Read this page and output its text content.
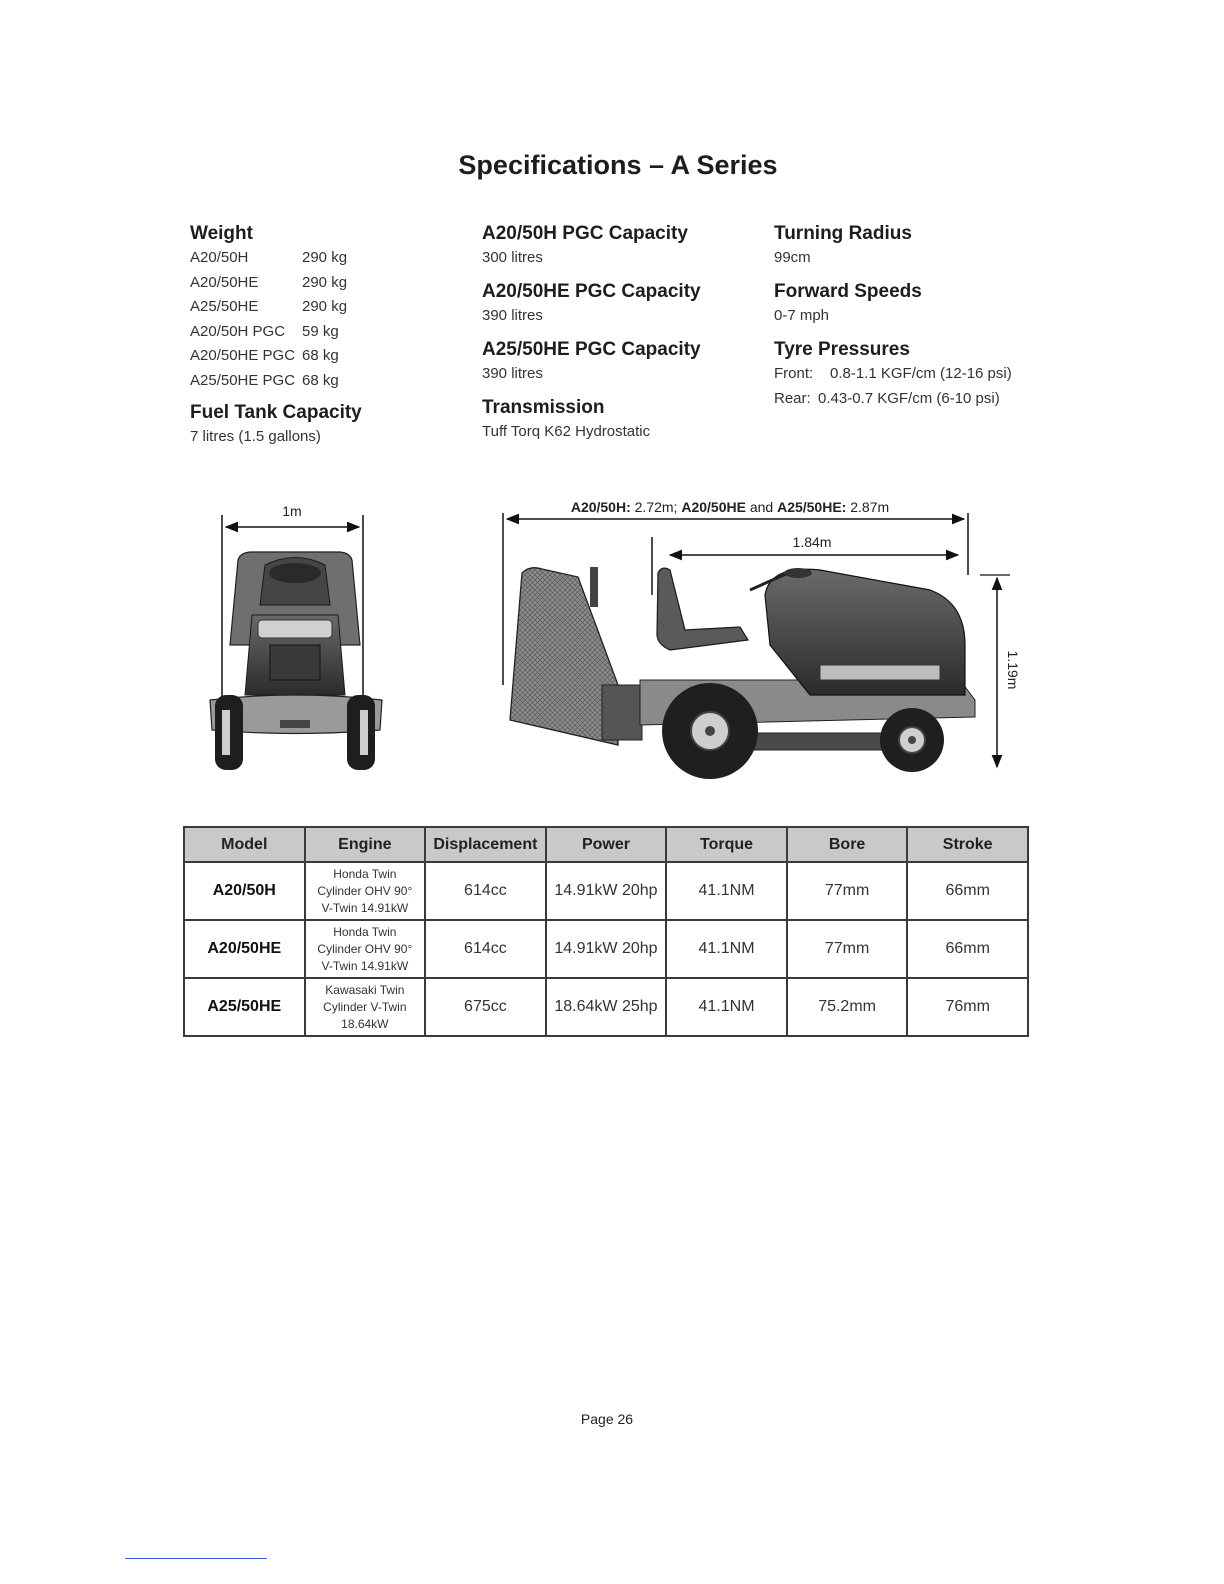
Specifications – A Series

Weight

A20/50H	290 kg
A20/50HE	290 kg
A25/50HE	290 kg
A20/50H PGC	59 kg
A20/50HE PGC 68 kg
A25/50HE PGC 68 kg

Fuel Tank Capacity

7 litres (1.5 gallons)

A20/50H PGC Capacity

300 litres

A20/50HE PGC Capacity

390 litres

A25/50HE PGC Capacity

390 litres

Transmission

Tuff Torq K62 Hydrostatic

Turning Radius

99cm

Forward Speeds

0-7 mph

Tyre Pressures

Front:	0.8-1.1 KGF/cm (12-16 psi)
Rear: 0.43-0.7 KGF/cm (6-10 psi)
1m	A20/50H: 2.72m; A20/50HE and A25/50HE: 2.87m
1.84m
1.19m
Model	Engine	Displacement	Power	Torque	Bore	Stroke
A20/50H	Honda Twin
Cylinder OHV 90°
V-Twin 14.91kW	614cc	14.91kW 20hp	41.1NM	77mm	66mm
A20/50HE	Honda Twin
Cylinder OHV 90°
V-Twin 14.91kW	614cc	14.91kW 20hp	41.1NM	77mm	66mm
A25/50HE	Kawasaki Twin
Cylinder V-Twin
18.64kW	675cc	18.64kW 25hp	41.1NM	75.2mm	76mm
Page 26
